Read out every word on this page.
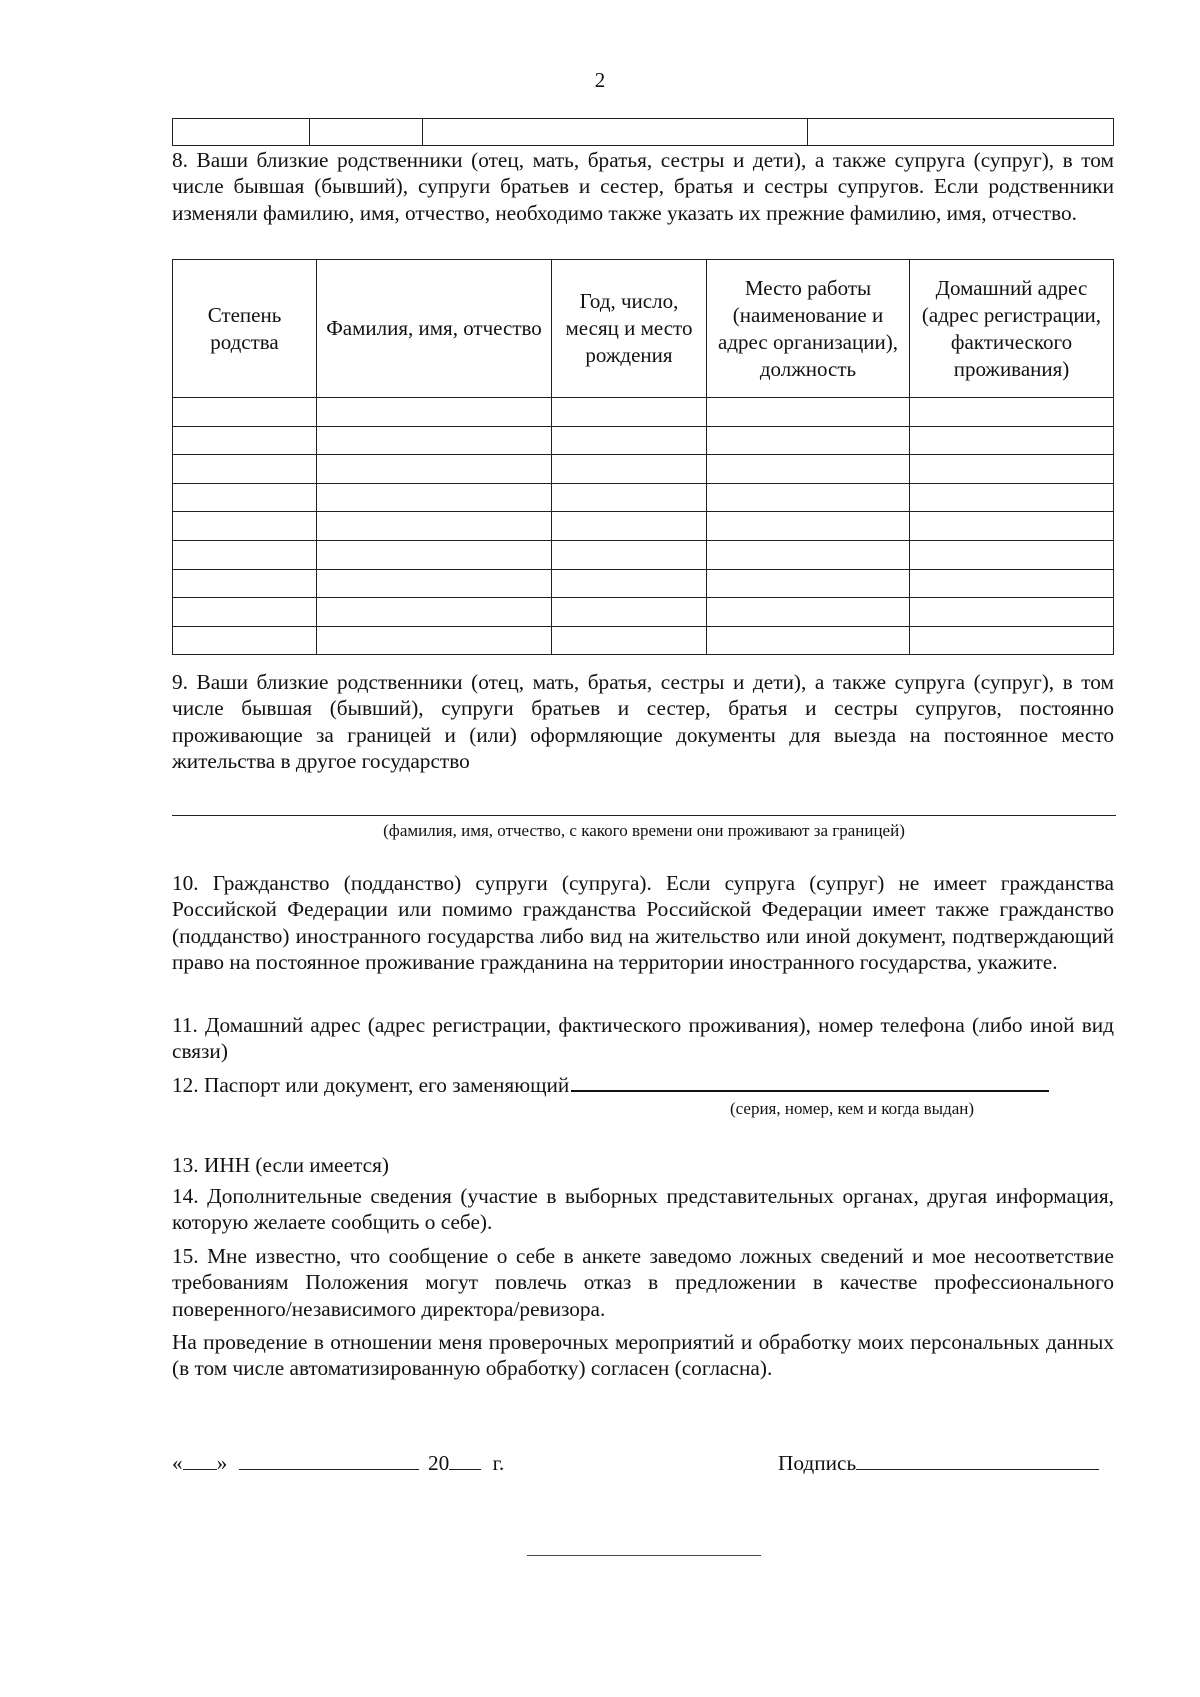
2

8. Ваши близкие родственники (отец, мать, братья, сестры и дети), а также супруга (супруг), в том числе бывшая (бывший), супруги братьев и сестер, братья и сестры супругов. Если родственники изменяли фамилию, имя, отчество, необходимо также указать их прежние фамилию, имя, отчество.

Степень родства	Фамилия, имя, отчество	Год, число, месяц и место рождения	Место работы (наименование и адрес организации), должность	Домашний адрес (адрес регистрации, фактического проживания)

9. Ваши близкие родственники (отец, мать, братья, сестры и дети), а также супруга (супруг), в том числе бывшая (бывший), супруги братьев и сестер, братья и сестры супругов, постоянно проживающие за границей и (или) оформляющие документы для выезда на постоянное место жительства в другое государство

(фамилия, имя, отчество, с какого времени они проживают за границей)

10. Гражданство (подданство) супруги (супруга). Если супруга (супруг) не имеет гражданства Российской Федерации или помимо гражданства Российской Федерации имеет также гражданство (подданство) иностранного государства либо вид на жительство или иной документ, подтверждающий право на постоянное проживание гражданина на территории иностранного государства, укажите.

11. Домашний адрес (адрес регистрации, фактического проживания), номер телефона (либо иной вид связи)

12. Паспорт или документ, его заменяющий

(серия, номер, кем и когда выдан)

13. ИНН (если имеется)

14. Дополнительные сведения (участие в выборных представительных органах, другая информация, которую желаете сообщить о себе).

15. Мне известно, что сообщение о себе в анкете заведомо ложных сведений и мое несоответствие требованиям Положения могут повлечь отказ в предложении в качестве профессионального поверенного/независимого директора/ревизора.

На проведение в отношении меня проверочных мероприятий и обработку моих персональных данных (в том числе автоматизированную обработку) согласен (согласна).

« »	20 г.	Подпись
